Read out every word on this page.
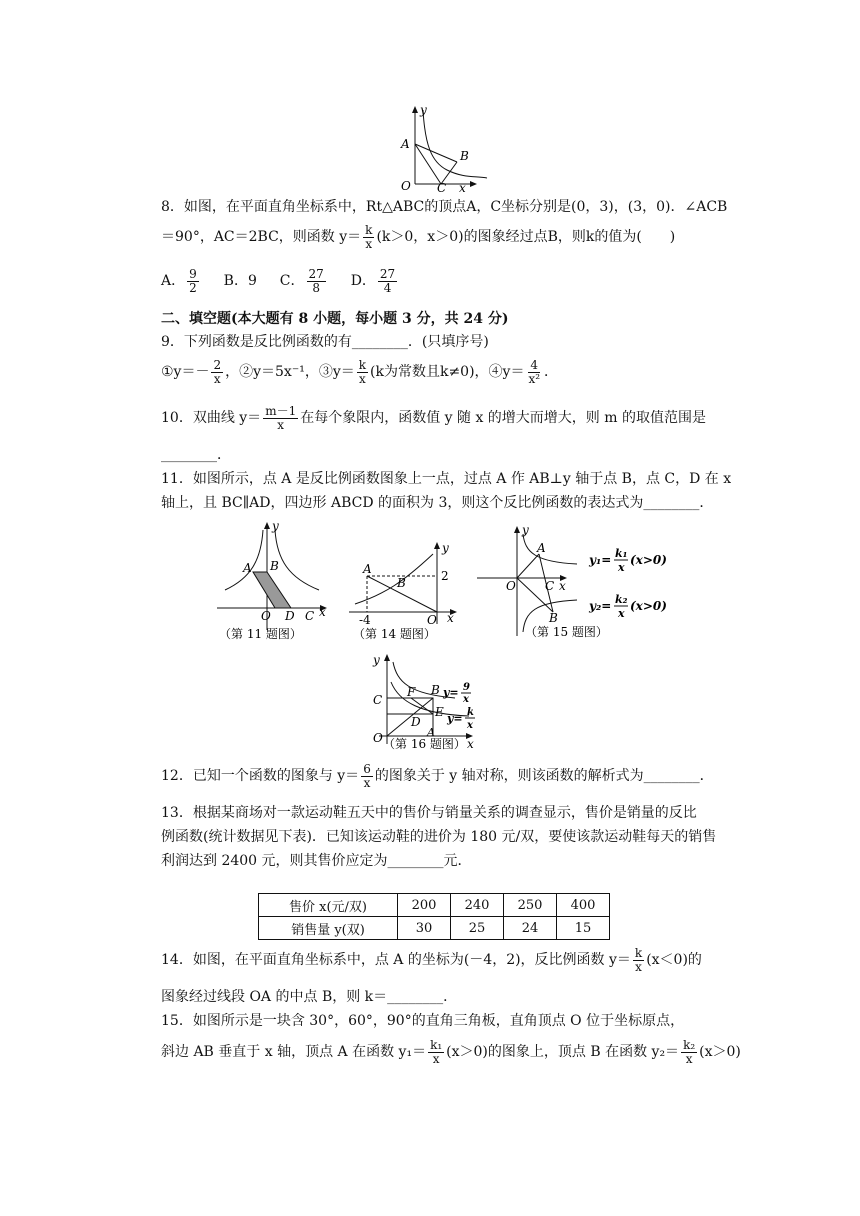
y
A
B
O C x
8．如图，在平面直角坐标系中，Rt△ABC的顶点A，C坐标分别是(0，3)，(3，0)．∠ACB
＝90°，AC＝2BC，则函数 $y= \frac{k}{x} (k>0$，x＞0)的图象经过点B，则k的值为(　　)
A． $\frac{9}{2}$ B．9 C． $\frac{27}{8}$ D． $\frac{27}{4}$
二、填空题(本大题有 8 小题，每小题 3 分，共 24 分)
9．下列函数是反比例函数的有________．(只填序号)
①y＝－ $\frac{2}{x}$ ，②y＝5x⁻¹，③y＝ $\frac{k}{x} (k$为常数且k≠0)，④y＝ $\frac{4}{\text{x²}}$ ．
10．双曲线 $y= \frac{m-1}{x}$ 在每个象限内，函数值 y 随 x 的增大而增大，则 m 的取值范围是
________．
11．如图所示，点 A 是反比例函数图象上一点，过点 A 作 AB⊥y 轴于点 B，点 C，D 在 x
轴上，且 BC∥AD，四边形 ABCD 的面积为 3，则这个反比例函数的表达式为________．
y
A B
O D C x
（第 11 题图）
y
A
B	2
-4	O x
（第 14 题图）
y
A
O C x
B
y₁= k₁
x
(x>0)
y₂= k₂
x
(x>0)
（第 15 题图）
y
C
F B y= 9
x
D
E y= k
x
A
O	x
（第 16 题图）
12．已知一个函数的图象与 $y= \frac{6}{x}$ 的图象关于 y 轴对称，则该函数的解析式为________．
13．根据某商场对一款运动鞋五天中的售价与销量关系的调查显示，售价是销量的反比
例函数(统计数据见下表)．已知该运动鞋的进价为 180 元/双，要使该款运动鞋每天的销售
利润达到 2400 元，则其售价应定为________元．
售价 x(元/双)	200	240	250	400
销售量 y(双)	30	25	24	15
14．如图，在平面直角坐标系中，点 A 的坐标为(－4，2)，反比例函数 $y= \frac{k}{x} (x<0)$的
图象经过线段 OA 的中点 B，则 k＝________．
15．如图所示是一块含 30°，60°，90°的直角三角板，直角顶点 O 位于坐标原点，
斜边 AB 垂直于 x 轴，顶点 A 在函数 $y_1= \frac{\text{k₁}}{x} (x>0)$的图象上，顶点 B 在函数 $y_2= \frac{\text{k₂}}{x} (x>0)$
